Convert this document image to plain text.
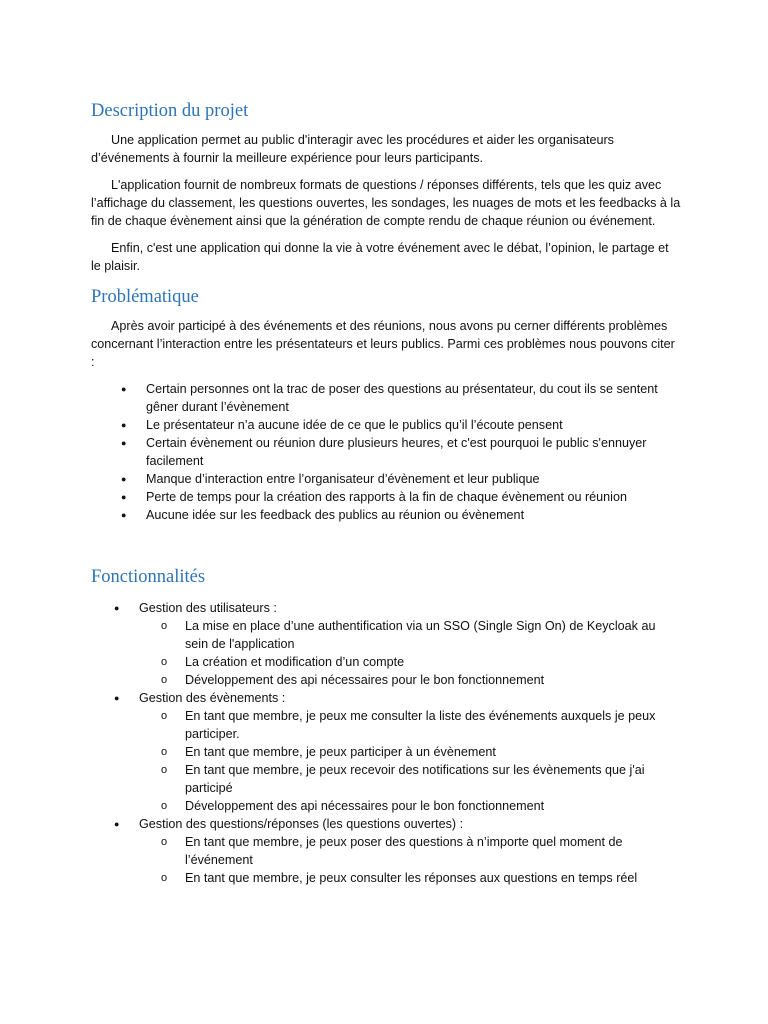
Description du projet

Une application permet au public d'interagir avec les procédures et aider les organisateurs d’événements à fournir la meilleure expérience pour leurs participants.

L'application fournit de nombreux formats de questions / réponses différents, tels que les quiz avec l’affichage du classement, les questions ouvertes, les sondages, les nuages de mots et les feedbacks à la fin de chaque évènement ainsi que la génération de compte rendu de chaque réunion ou événement.

Enfin, c'est une application qui donne la vie à votre événement avec le débat, l’opinion, le partage et le plaisir.

Problématique

Après avoir participé à des événements et des réunions, nous avons pu cerner différents problèmes concernant l’interaction entre les présentateurs et leurs publics. Parmi ces problèmes nous pouvons citer :

● Certain personnes ont la trac de poser des questions au présentateur, du cout ils se sentent gêner durant l’évènement
● Le présentateur n’a aucune idée de ce que le publics qu’il l’écoute pensent
● Certain évènement ou réunion dure plusieurs heures, et c'est pourquoi le public s'ennuyer facilement
● Manque d’interaction entre l’organisateur d’évènement et leur publique
● Perte de temps pour la création des rapports à la fin de chaque évènement ou réunion
● Aucune idée sur les feedback des publics au réunion ou évènement
Fonctionnalités
● Gestion des utilisateurs :
o La mise en place d’une authentification via un SSO (Single Sign On) de Keycloak au sein de l'application
o La création et modification d’un compte
o Développement des api nécessaires pour le bon fonctionnement
● Gestion des évènements :
o En tant que membre, je peux me consulter la liste des événements auxquels je peux participer.
o En tant que membre, je peux participer à un évènement
o En tant que membre, je peux recevoir des notifications sur les évènements que j'ai participé
o Développement des api nécessaires pour le bon fonctionnement
● Gestion des questions/réponses (les questions ouvertes) :
o En tant que membre, je peux poser des questions à n’importe quel moment de l’événement
o En tant que membre, je peux consulter les réponses aux questions en temps réel
